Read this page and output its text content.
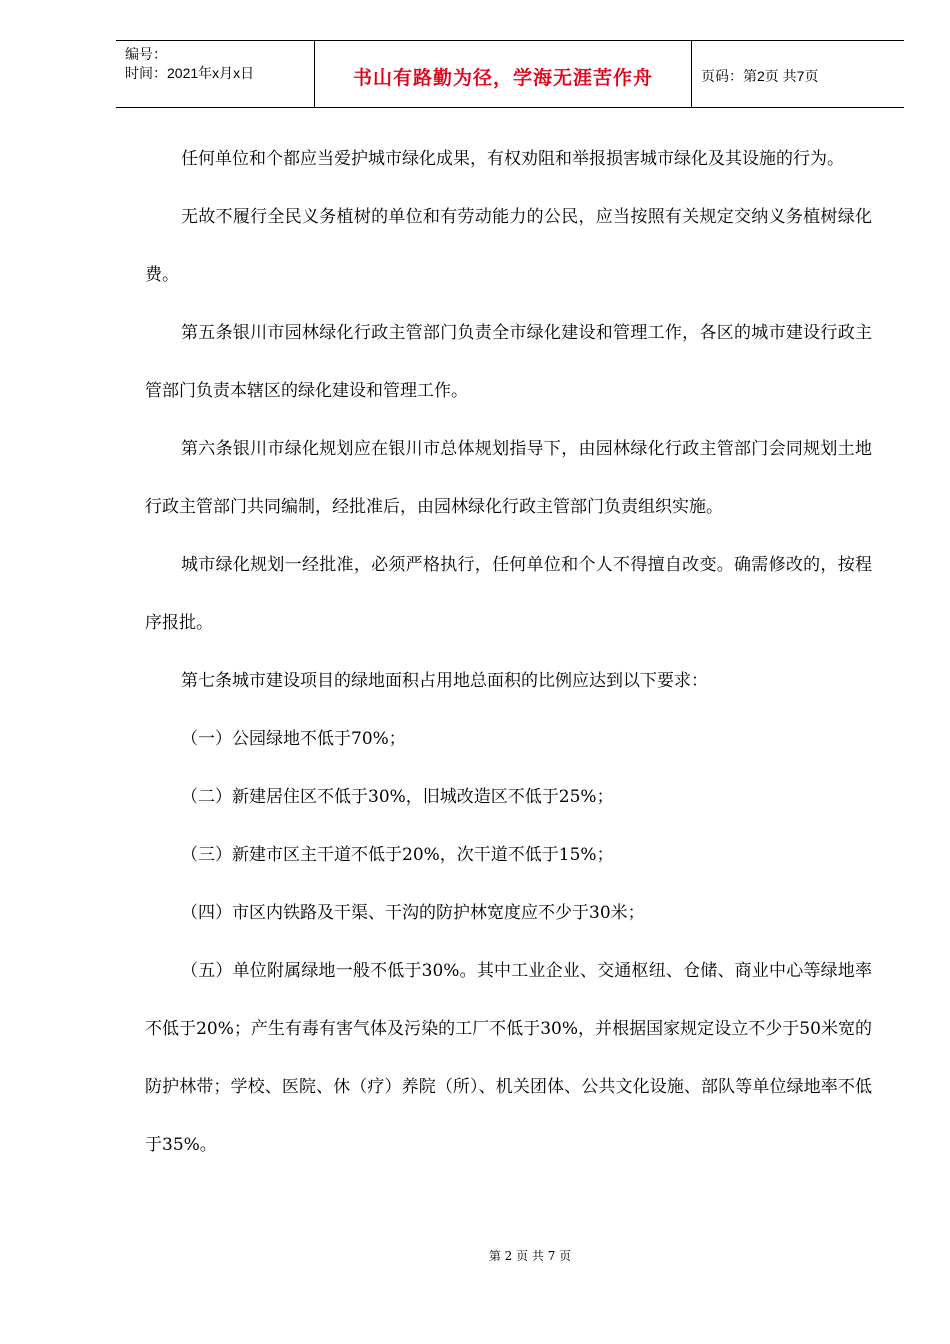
编号：
时间：2021年x月x日	书山有路勤为径，学海无涯苦作舟	页码：第2页 共7页

任何单位和个都应当爱护城市绿化成果，有权劝阻和举报损害城市绿化及其设施的行为。

无故不履行全民义务植树的单位和有劳动能力的公民，应当按照有关规定交纳义务植树绿化费。

第五条银川市园林绿化行政主管部门负责全市绿化建设和管理工作，各区的城市建设行政主管部门负责本辖区的绿化建设和管理工作。

第六条银川市绿化规划应在银川市总体规划指导下，由园林绿化行政主管部门会同规划土地行政主管部门共同编制，经批准后，由园林绿化行政主管部门负责组织实施。

城市绿化规划一经批准，必须严格执行，任何单位和个人不得擅自改变。确需修改的，按程序报批。

第七条城市建设项目的绿地面积占用地总面积的比例应达到以下要求：

（一）公园绿地不低于70%；

（二）新建居住区不低于30%，旧城改造区不低于25%；

（三）新建市区主干道不低于20%，次干道不低于15%；

（四）市区内铁路及干渠、干沟的防护林宽度应不少于30米；

（五）单位附属绿地一般不低于30%。其中工业企业、交通枢纽、仓储、商业中心等绿地率不低于20%；产生有毒有害气体及污染的工厂不低于30%，并根据国家规定设立不少于50米宽的防护林带；学校、医院、休（疗）养院（所）、机关团体、公共文化设施、部队等单位绿地率不低于35%。

第 2 页 共 7 页
